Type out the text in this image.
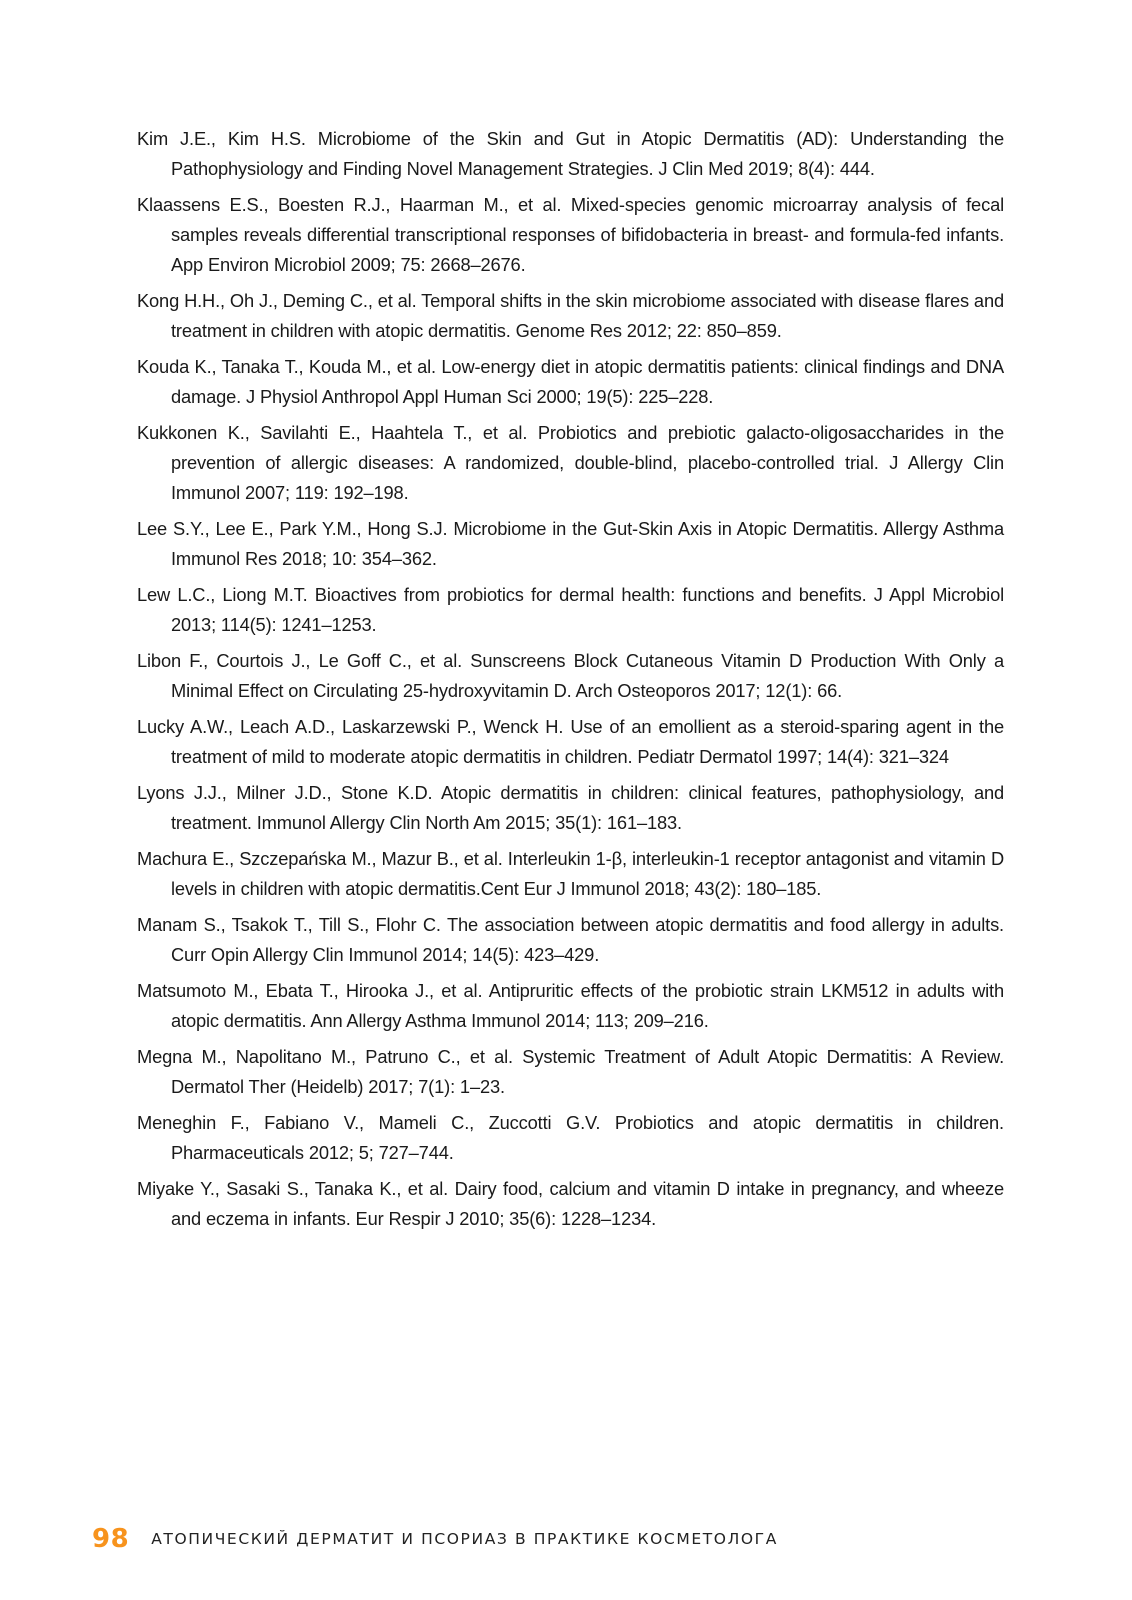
Kim J.E., Kim H.S. Microbiome of the Skin and Gut in Atopic Dermatitis (AD): Understanding the Pathophysiology and Finding Novel Management Strategies. J Clin Med 2019; 8(4): 444.
Klaassens E.S., Boesten R.J., Haarman M., et al. Mixed-species genomic microarray analysis of fecal samples reveals differential transcriptional responses of bifidobacteria in breast- and formula-fed infants. App Environ Microbiol 2009; 75: 2668–2676.
Kong H.H., Oh J., Deming C., et al. Temporal shifts in the skin microbiome associated with disease flares and treatment in children with atopic dermatitis. Genome Res 2012; 22: 850–859.
Kouda K., Tanaka T., Kouda M., et al. Low-energy diet in atopic dermatitis patients: clinical findings and DNA damage. J Physiol Anthropol Appl Human Sci 2000; 19(5): 225–228.
Kukkonen K., Savilahti E., Haahtela T., et al. Probiotics and prebiotic galacto-oligosaccharides in the prevention of allergic diseases: A randomized, double-blind, placebo-controlled trial. J Allergy Clin Immunol 2007; 119: 192–198.
Lee S.Y., Lee E., Park Y.M., Hong S.J. Microbiome in the Gut-Skin Axis in Atopic Dermatitis. Allergy Asthma Immunol Res 2018; 10: 354–362.
Lew L.C., Liong M.T. Bioactives from probiotics for dermal health: functions and benefits. J Appl Microbiol 2013; 114(5): 1241–1253.
Libon F., Courtois J., Le Goff C., et al. Sunscreens Block Cutaneous Vitamin D Production With Only a Minimal Effect on Circulating 25-hydroxyvitamin D. Arch Osteoporos 2017; 12(1): 66.
Lucky A.W., Leach A.D., Laskarzewski P., Wenck H. Use of an emollient as a steroid-sparing agent in the treatment of mild to moderate atopic dermatitis in children. Pediatr Dermatol 1997; 14(4): 321–324
Lyons J.J., Milner J.D., Stone K.D. Atopic dermatitis in children: clinical features, pathophysiology, and treatment. Immunol Allergy Clin North Am 2015; 35(1): 161–183.
Machura E., Szczepańska M., Mazur B., et al. Interleukin 1-β, interleukin-1 receptor antagonist and vitamin D levels in children with atopic dermatitis.Cent Eur J Immunol 2018; 43(2): 180–185.
Manam S., Tsakok T., Till S., Flohr C. The association between atopic dermatitis and food allergy in adults. Curr Opin Allergy Clin Immunol 2014; 14(5): 423–429.
Matsumoto M., Ebata T., Hirooka J., et al. Antipruritic effects of the probiotic strain LKM512 in adults with atopic dermatitis. Ann Allergy Asthma Immunol 2014; 113; 209–216.
Megna M., Napolitano M., Patruno C., et al. Systemic Treatment of Adult Atopic Dermatitis: A Review. Dermatol Ther (Heidelb) 2017; 7(1): 1–23.
Meneghin F., Fabiano V., Mameli C., Zuccotti G.V. Probiotics and atopic dermatitis in children. Pharmaceuticals 2012; 5; 727–744.
Miyake Y., Sasaki S., Tanaka K., et al. Dairy food, calcium and vitamin D intake in pregnancy, and wheeze and eczema in infants. Eur Respir J 2010; 35(6): 1228–1234.
98 АТОПИЧЕСКИЙ ДЕРМАТИТ И ПСОРИАЗ В ПРАКТИКЕ КОСМЕТОЛОГА
